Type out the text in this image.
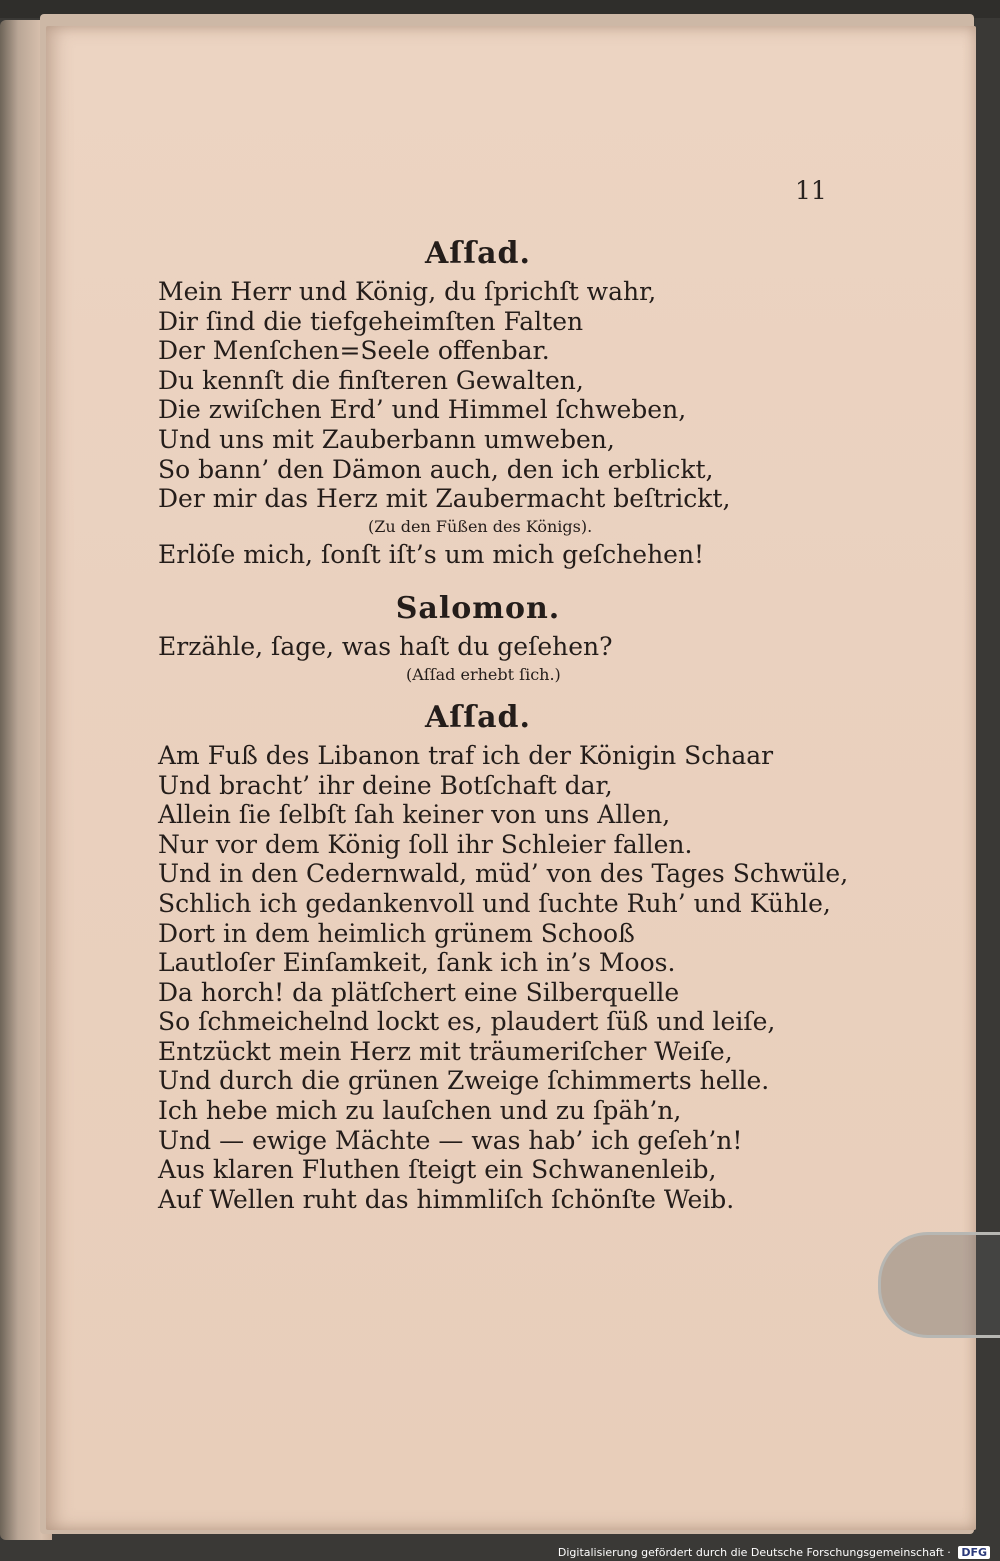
11
Aſſad.
Mein Herr und König, du ſprichſt wahr,
Dir ſind die tiefgeheimſten Falten
Der Menſchen=Seele offenbar.
Du kennſt die finſteren Gewalten,
Die zwiſchen Erd’ und Himmel ſchweben,
Und uns mit Zauberbann umweben,
So bann’ den Dämon auch, den ich erblickt,
Der mir das Herz mit Zaubermacht beſtrickt,
(Zu den Füßen des Königs).
Erlöſe mich, ſonſt iſt’s um mich geſchehen!
Salomon.
Erzähle, ſage, was haſt du geſehen?
(Aſſad erhebt ſich.)
Aſſad.
Am Fuß des Libanon traf ich der Königin Schaar
Und bracht’ ihr deine Botſchaft dar,
Allein ſie ſelbſt ſah keiner von uns Allen,
Nur vor dem König ſoll ihr Schleier fallen.
Und in den Cedernwald, müd’ von des Tages Schwüle,
Schlich ich gedankenvoll und ſuchte Ruh’ und Kühle,
Dort in dem heimlich grünem Schooß
Lautloſer Einſamkeit, ſank ich in’s Moos.
Da horch! da plätſchert eine Silberquelle
So ſchmeichelnd lockt es, plaudert ſüß und leiſe,
Entzückt mein Herz mit träumeriſcher Weiſe,
Und durch die grünen Zweige ſchimmerts helle.
Ich hebe mich zu lauſchen und zu ſpäh’n,
Und — ewige Mächte — was hab’ ich geſeh’n!
Aus klaren Fluthen ſteigt ein Schwanenleib,
Auf Wellen ruht das himmliſch ſchönſte Weib.
Digitalisierung gefördert durch die Deutsche Forschungsgemeinschaft · DFG
